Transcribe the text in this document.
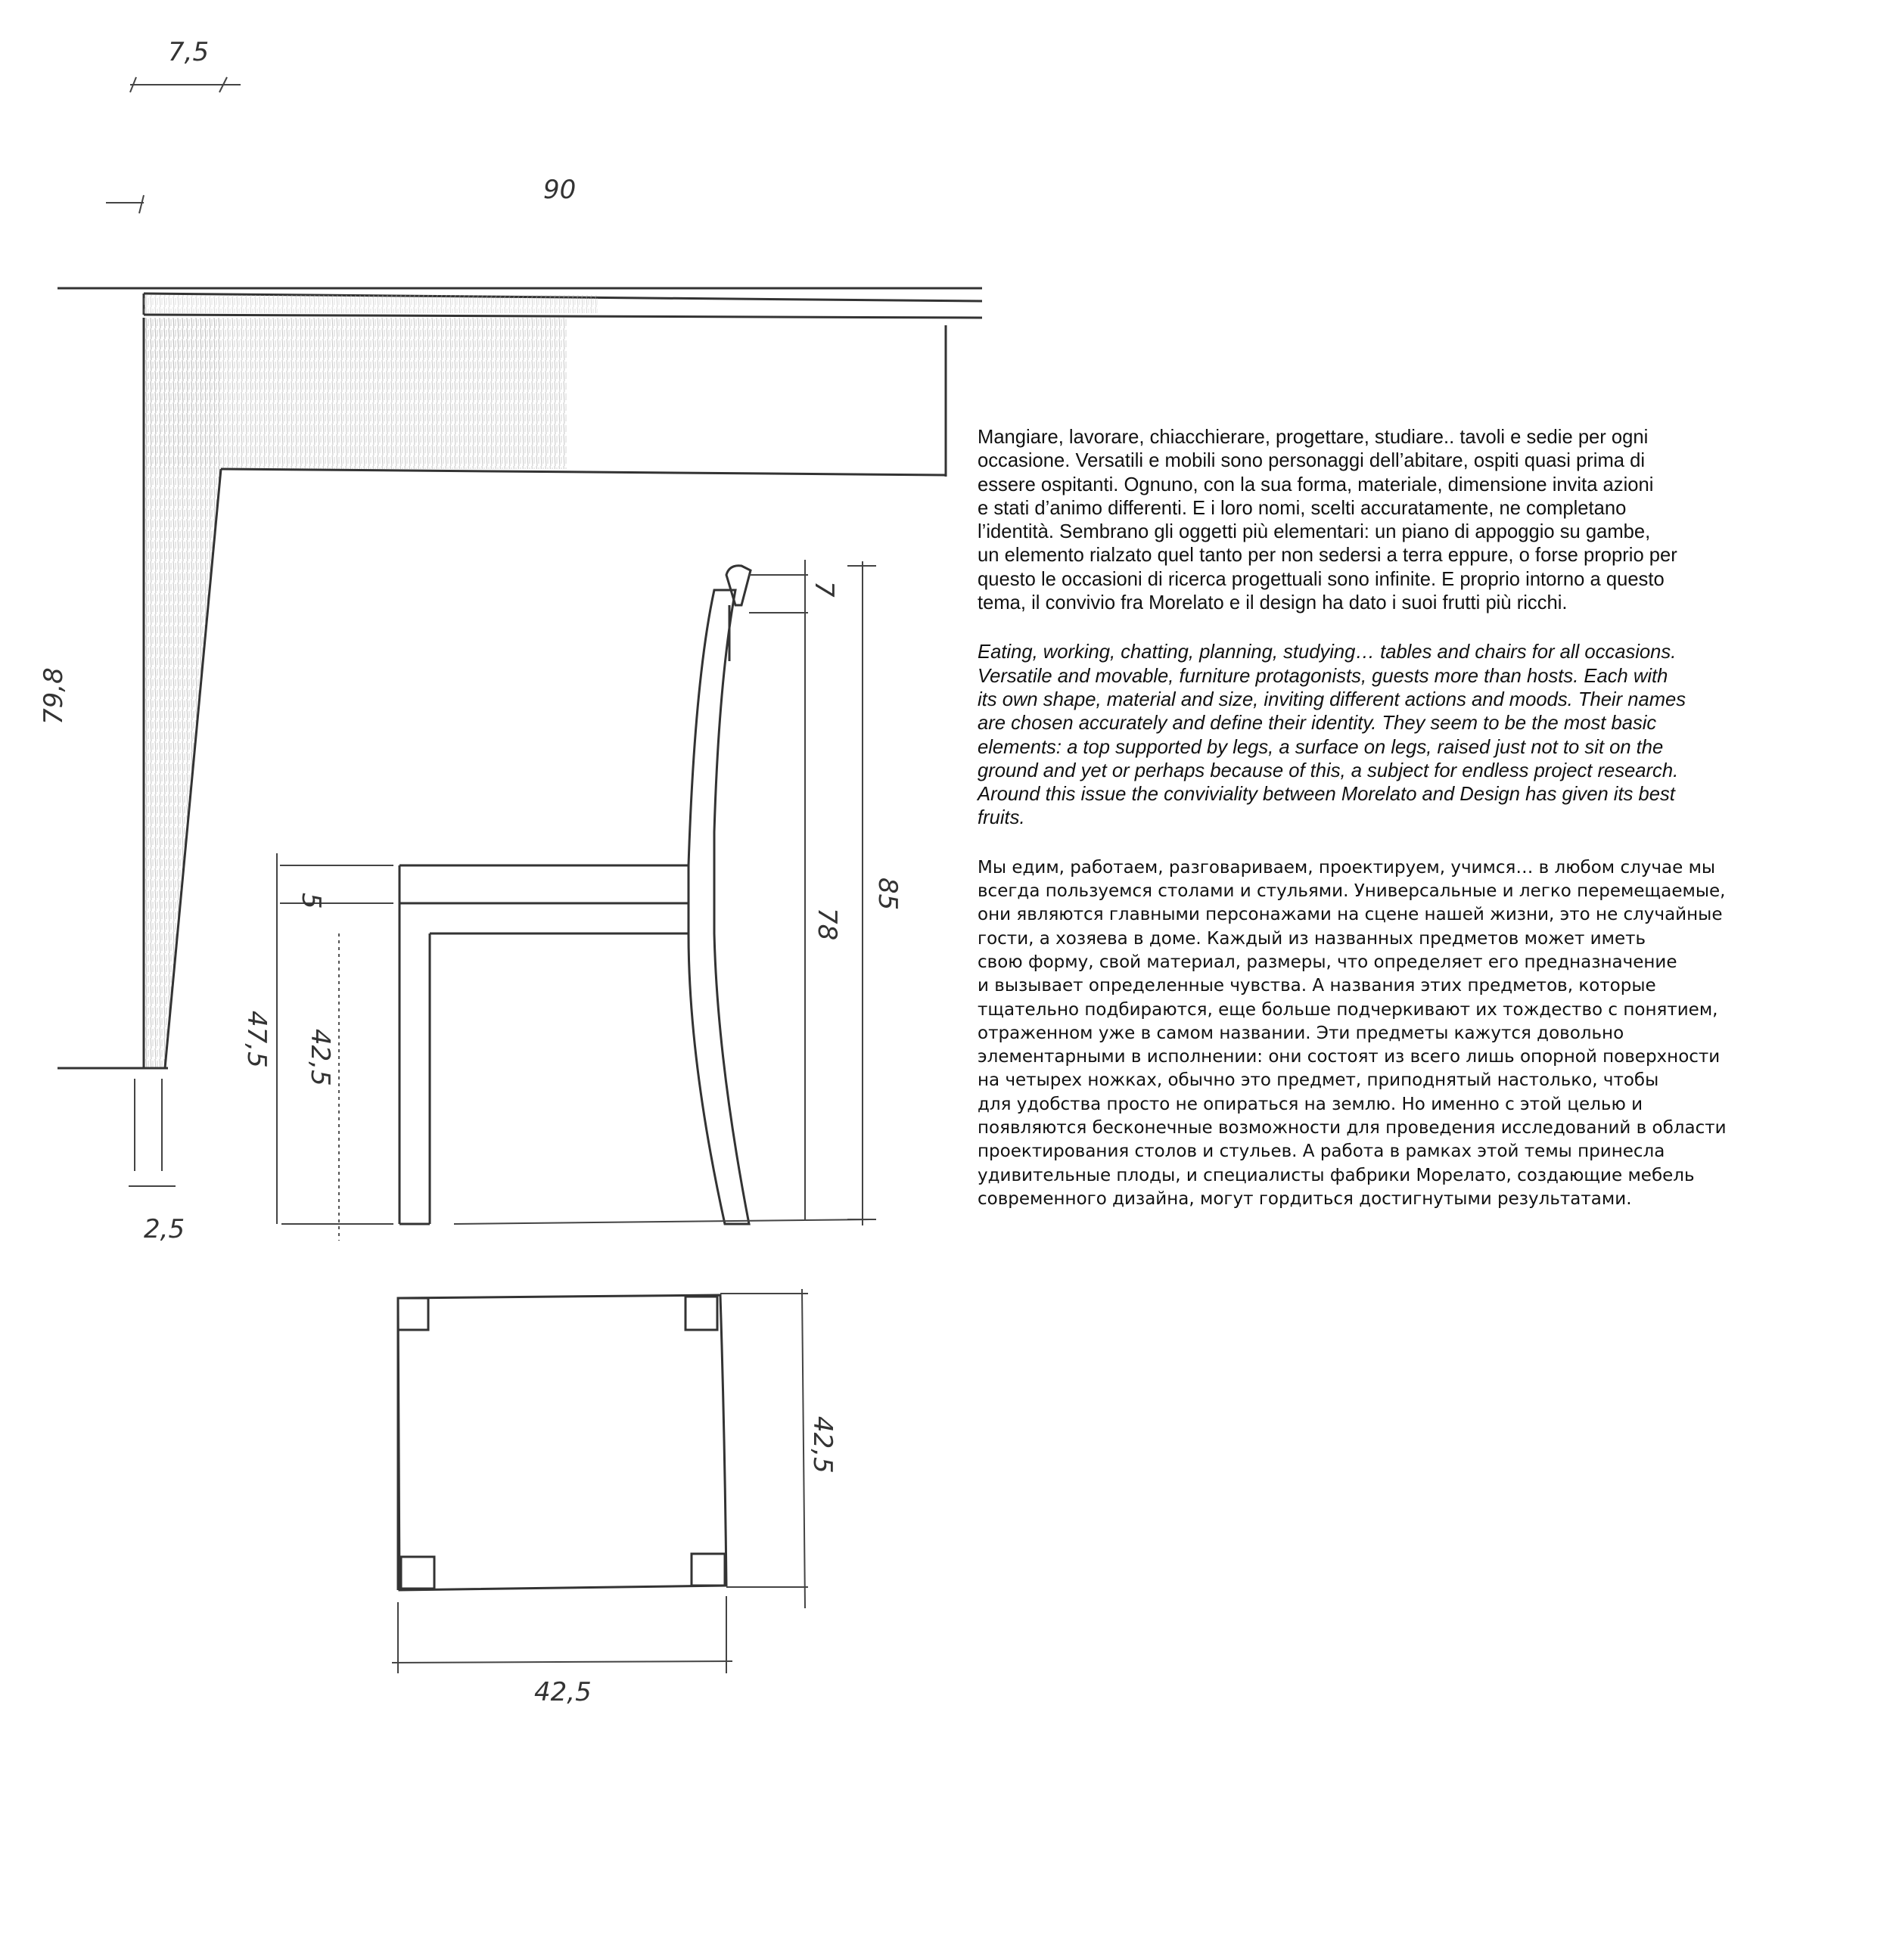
7,5
90
79,8
2,5
5
47,5 42,5
7
78
85
42,5
42,5

Mangiare, lavorare, chiacchierare, progettare, studiare.. tavoli e sedie per ogni
occasione. Versatili e mobili sono personaggi dell’abitare, ospiti quasi prima di
essere ospitanti. Ognuno, con la sua forma, materiale, dimensione invita azioni
e stati d’animo differenti. E i loro nomi, scelti accuratamente, ne completano
l’identità. Sembrano gli oggetti più elementari: un piano di appoggio su gambe,
un elemento rialzato quel tanto per non sedersi a terra eppure, o forse proprio per
questo le occasioni di ricerca progettuali sono infinite. E proprio intorno a questo
tema, il convivio fra Morelato e il design ha dato i suoi frutti più ricchi.

Eating, working, chatting, planning, studying… tables and chairs for all occasions.
Versatile and movable, furniture protagonists, guests more than hosts. Each with
its own shape, material and size, inviting different actions and moods. Their names
are chosen accurately and define their identity. They seem to be the most basic
elements: a top supported by legs, a surface on legs, raised just not to sit on the
ground and yet or perhaps because of this, a subject for endless project research.
Around this issue the conviviality between Morelato and Design has given its best
fruits.

Мы едим, работаем, разговариваем, проектируем, учимся… в любом случае мы
всегда пользуемся столами и стульями. Универсальные и легко перемещаемые,
они являются главными персонажами на сцене нашей жизни, это не случайные
гости, а хозяева в доме. Каждый из названных предметов может иметь
свою форму, свой материал, размеры, что определяет его предназначение
и вызывает определенные чувства. А названия этих предметов, которые
тщательно подбираются, еще больше подчеркивают их тождество с понятием,
отраженном уже в самом названии. Эти предметы кажутся довольно
элементарными в исполнении: они состоят из всего лишь опорной поверхности
на четырех ножках, обычно это предмет, приподнятый настолько, чтобы
для удобства просто не опираться на землю. Но именно с этой целью и
появляются бесконечные возможности для проведения исследований в области
проектирования столов и стульев. А работа в рамках этой темы принесла
удивительные плоды, и специалисты фабрики Морелато, создающие мебель
современного дизайна, могут гордиться достигнутыми результатами.
